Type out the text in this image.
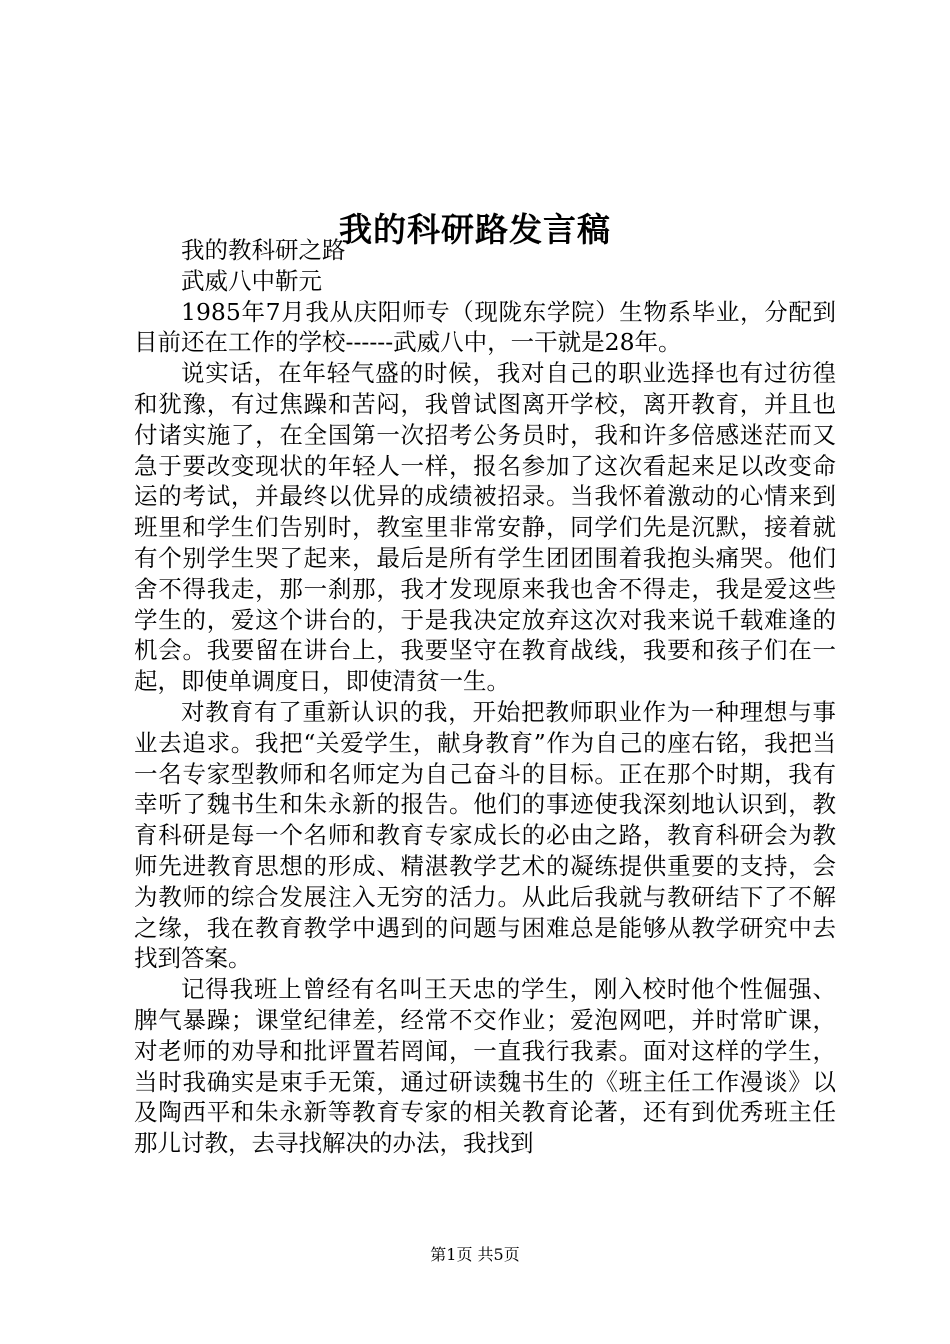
我的科研路发言稿

我的教科研之路

武威八中靳元

1985年7月我从庆阳师专（现陇东学院）生物系毕业，分配到目前还在工作的学校------武威八中，一干就是28年。

说实话，在年轻气盛的时候，我对自己的职业选择也有过彷徨和犹豫，有过焦躁和苦闷，我曾试图离开学校，离开教育，并且也付诸实施了，在全国第一次招考公务员时，我和许多倍感迷茫而又急于要改变现状的年轻人一样，报名参加了这次看起来足以改变命运的考试，并最终以优异的成绩被招录。当我怀着激动的心情来到班里和学生们告别时，教室里非常安静，同学们先是沉默，接着就有个别学生哭了起来，最后是所有学生团团围着我抱头痛哭。他们舍不得我走，那一刹那，我才发现原来我也舍不得走，我是爱这些学生的，爱这个讲台的，于是我决定放弃这次对我来说千载难逢的机会。我要留在讲台上，我要坚守在教育战线，我要和孩子们在一起，即使单调度日，即使清贫一生。

对教育有了重新认识的我，开始把教师职业作为一种理想与事业去追求。我把“关爱学生，献身教育”作为自己的座右铭，我把当一名专家型教师和名师定为自己奋斗的目标。正在那个时期，我有幸听了魏书生和朱永新的报告。他们的事迹使我深刻地认识到，教育科研是每一个名师和教育专家成长的必由之路，教育科研会为教师先进教育思想的形成、精湛教学艺术的凝练提供重要的支持，会为教师的综合发展注入无穷的活力。从此后我就与教研结下了不解之缘，我在教育教学中遇到的问题与困难总是能够从教学研究中去找到答案。

记得我班上曾经有名叫王天忠的学生，刚入校时他个性倔强、脾气暴躁；课堂纪律差，经常不交作业；爱泡网吧，并时常旷课，对老师的劝导和批评置若罔闻，一直我行我素。面对这样的学生，当时我确实是束手无策，通过研读魏书生的《班主任工作漫谈》以及陶西平和朱永新等教育专家的相关教育论著，还有到优秀班主任那儿讨教，去寻找解决的办法，我找到

第1页 共5页
